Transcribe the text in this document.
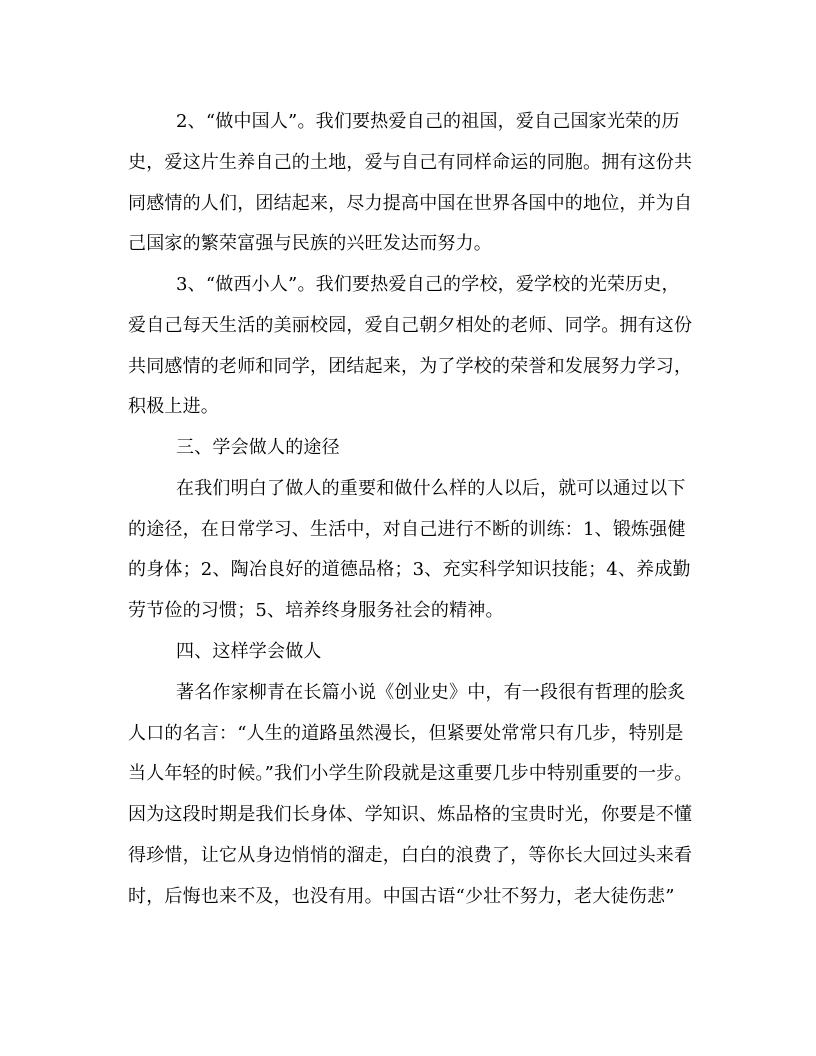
2、“做中国人”。我们要热爱自己的祖国，爱自己国家光荣的历
史，爱这片生养自己的土地，爱与自己有同样命运的同胞。拥有这份共
同感情的人们，团结起来，尽力提高中国在世界各国中的地位，并为自
己国家的繁荣富强与民族的兴旺发达而努力。
3、“做西小人”。我们要热爱自己的学校，爱学校的光荣历史，
爱自己每天生活的美丽校园，爱自己朝夕相处的老师、同学。拥有这份
共同感情的老师和同学，团结起来，为了学校的荣誉和发展努力学习，
积极上进。
三、学会做人的途径
在我们明白了做人的重要和做什么样的人以后，就可以通过以下
的途径，在日常学习、生活中，对自己进行不断的训练：1、锻炼强健
的身体；2、陶冶良好的道德品格；3、充实科学知识技能；4、养成勤
劳节俭的习惯；5、培养终身服务社会的精神。
四、这样学会做人
著名作家柳青在长篇小说《创业史》中，有一段很有哲理的脍炙
人口的名言：“人生的道路虽然漫长，但紧要处常常只有几步，特别是
当人年轻的时候。”我们小学生阶段就是这重要几步中特别重要的一步。
因为这段时期是我们长身体、学知识、炼品格的宝贵时光，你要是不懂
得珍惜，让它从身边悄悄的溜走，白白的浪费了，等你长大回过头来看
时，后悔也来不及，也没有用。中国古语“少壮不努力，老大徒伤悲”
